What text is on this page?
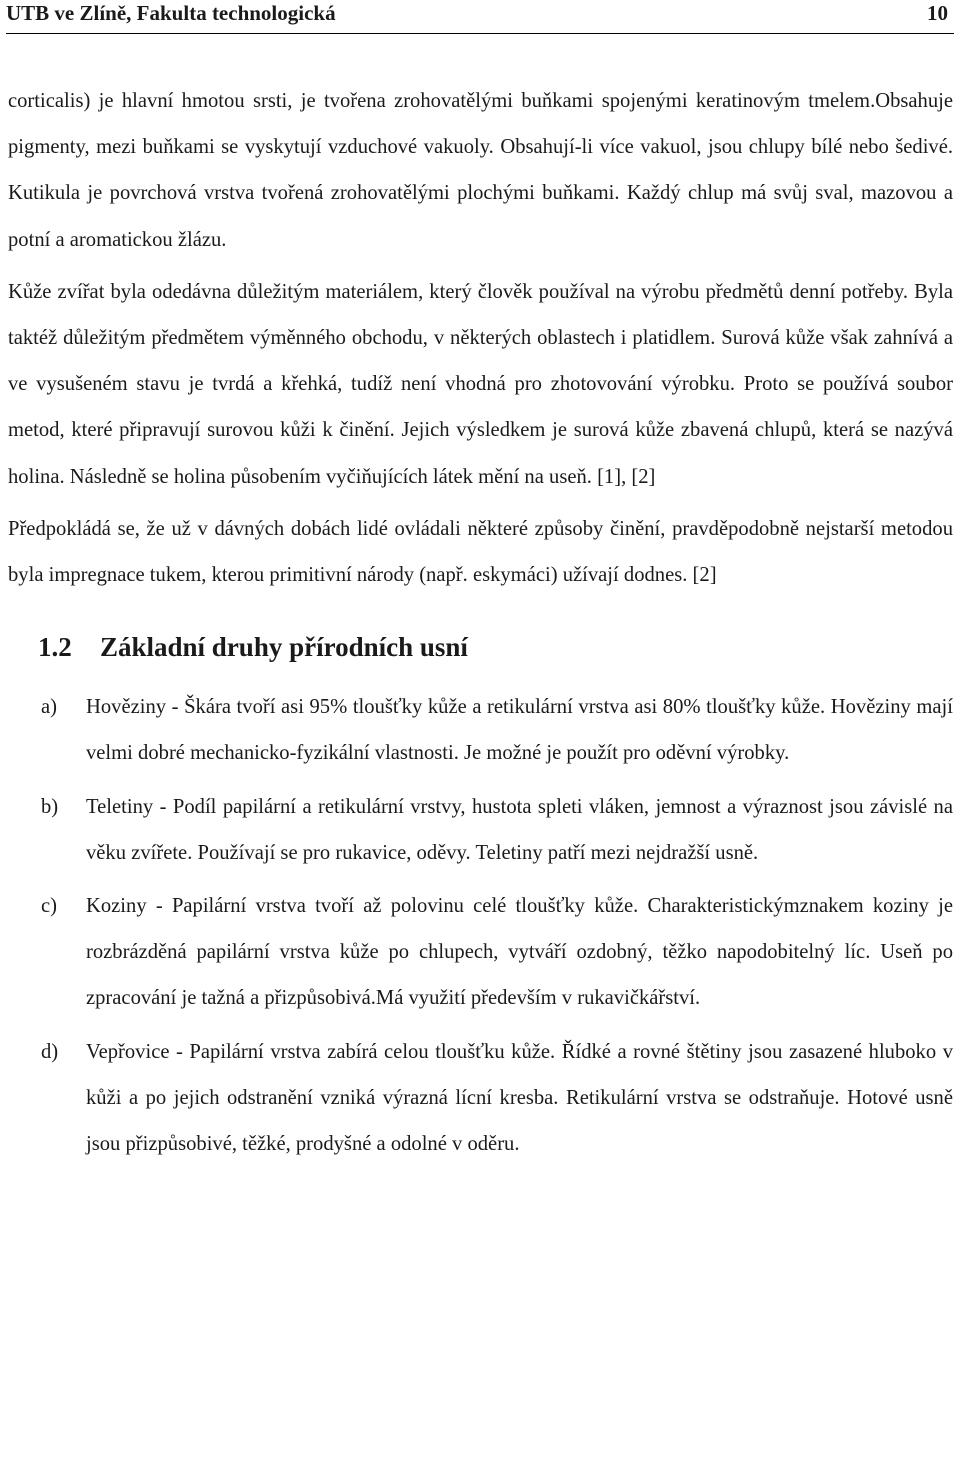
UTB ve Zlíně, Fakulta technologická	10

corticalis) je hlavní hmotou srsti, je tvořena zrohovatělými buňkami spojenými keratinovým tmelem.Obsahuje pigmenty, mezi buňkami se vyskytují vzduchové vakuoly. Obsahují-li více vakuol, jsou chlupy bílé nebo šedivé. Kutikula je povrchová vrstva tvořená zrohovatělými plochými buňkami. Každý chlup má svůj sval, mazovou a potní a aromatickou žlázu.

Kůže zvířat byla odedávna důležitým materiálem, který člověk používal na výrobu předmětů denní potřeby. Byla taktéž důležitým předmětem výměnného obchodu, v některých oblastech i platidlem. Surová kůže však zahnívá a ve vysušeném stavu je tvrdá a křehká, tudíž není vhodná pro zhotovování výrobku. Proto se používá soubor metod, které připravují surovou kůži k činění. Jejich výsledkem je surová kůže zbavená chlupů, která se nazývá holina. Následně se holina působením vyčiňujících látek mění na useň. [1], [2]

Předpokládá se, že už v dávných dobách lidé ovládali některé způsoby činění, pravděpodobně nejstarší metodou byla impregnace tukem, kterou primitivní národy (např. eskymáci) užívají dodnes. [2]

1.2 Základní druhy přírodních usní
a) Hověziny - Škára tvoří asi 95% tloušťky kůže a retikulární vrstva asi 80% tloušťky kůže. Hověziny mají velmi dobré mechanicko-fyzikální vlastnosti. Je možné je použít pro oděvní výrobky.
b) Teletiny - Podíl papilární a retikulární vrstvy, hustota spleti vláken, jemnost a výraznost jsou závislé na věku zvířete. Používají se pro rukavice, oděvy. Teletiny patří mezi nejdražší usně.
c) Koziny - Papilární vrstva tvoří až polovinu celé tloušťky kůže. Charakteristickýmznakem koziny je rozbrázděná papilární vrstva kůže po chlupech, vytváří ozdobný, těžko napodobitelný líc. Useň po zpracování je tažná a přizpůsobivá.Má využití především v rukavičkářství.
d) Vepřovice - Papilární vrstva zabírá celou tloušťku kůže. Řídké a rovné štětiny jsou zasazené hluboko v kůži a po jejich odstranění vzniká výrazná lícní kresba. Retikulární vrstva se odstraňuje. Hotové usně jsou přizpůsobivé, těžké, prodyšné a odolné v oděru.
